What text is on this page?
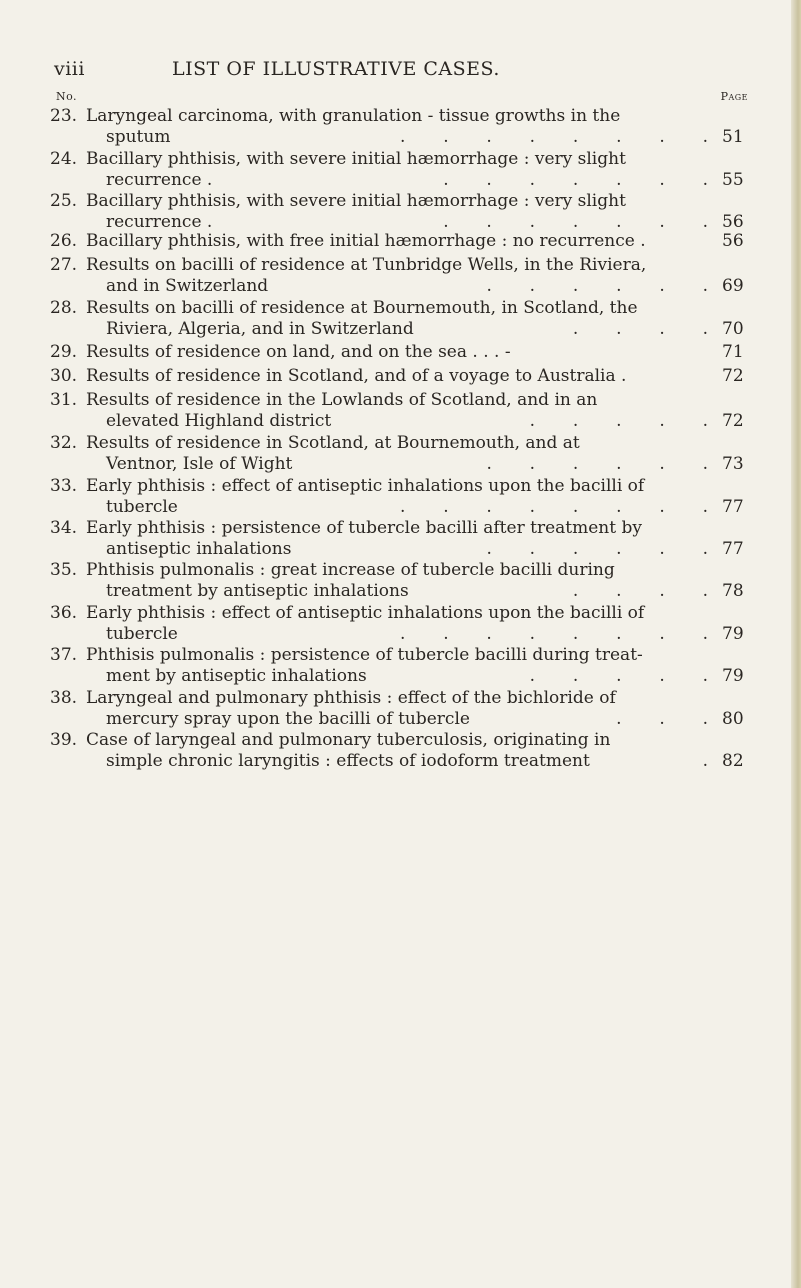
viii	LIST OF ILLUSTRATIVE CASES.
No.	Page
23. Laryngeal carcinoma, with granulation - tissue growths in the
sputum	.       .       .       .       .       .       .       . 51
24. Bacillary phthisis, with severe initial hæmorrhage : very slight
recurrence .	.       .       .       .       .       .       . 55
25. Bacillary phthisis, with severe initial hæmorrhage : very slight
recurrence .	.       .       .       .       .       .       . 56
26. Bacillary phthisis, with free initial hæmorrhage : no recurrence .	56
27. Results on bacilli of residence at Tunbridge Wells, in the Riviera,
and in Switzerland	.       .       .       .       .       . 69
28. Results on bacilli of residence at Bournemouth, in Scotland, the
Riviera, Algeria, and in Switzerland	.       .       .       . 70
29. Results of residence on land, and on the sea . . . -	71
30. Results of residence in Scotland, and of a voyage to Australia .	72
31. Results of residence in the Lowlands of Scotland, and in an
elevated Highland district	.       .       .       .       . 72
32. Results of residence in Scotland, at Bournemouth, and at
Ventnor, Isle of Wight	.       .       .       .       .       . 73
33. Early phthisis : effect of antiseptic inhalations upon the bacilli of
tubercle	.       .       .       .       .       .       .       . 77
34. Early phthisis : persistence of tubercle bacilli after treatment by
antiseptic inhalations	.       .       .       .       .       . 77
35. Phthisis pulmonalis : great increase of tubercle bacilli during
treatment by antiseptic inhalations	.       .       .       . 78
36. Early phthisis : effect of antiseptic inhalations upon the bacilli of
tubercle	.       .       .       .       .       .       .       . 79
37. Phthisis pulmonalis : persistence of tubercle bacilli during treat-
ment by antiseptic inhalations	.       .       .       .       . 79
38. Laryngeal and pulmonary phthisis : effect of the bichloride of
mercury spray upon the bacilli of tubercle	.       .       . 80
39. Case of laryngeal and pulmonary tuberculosis, originating in
simple chronic laryngitis : effects of iodoform treatment	. 82
